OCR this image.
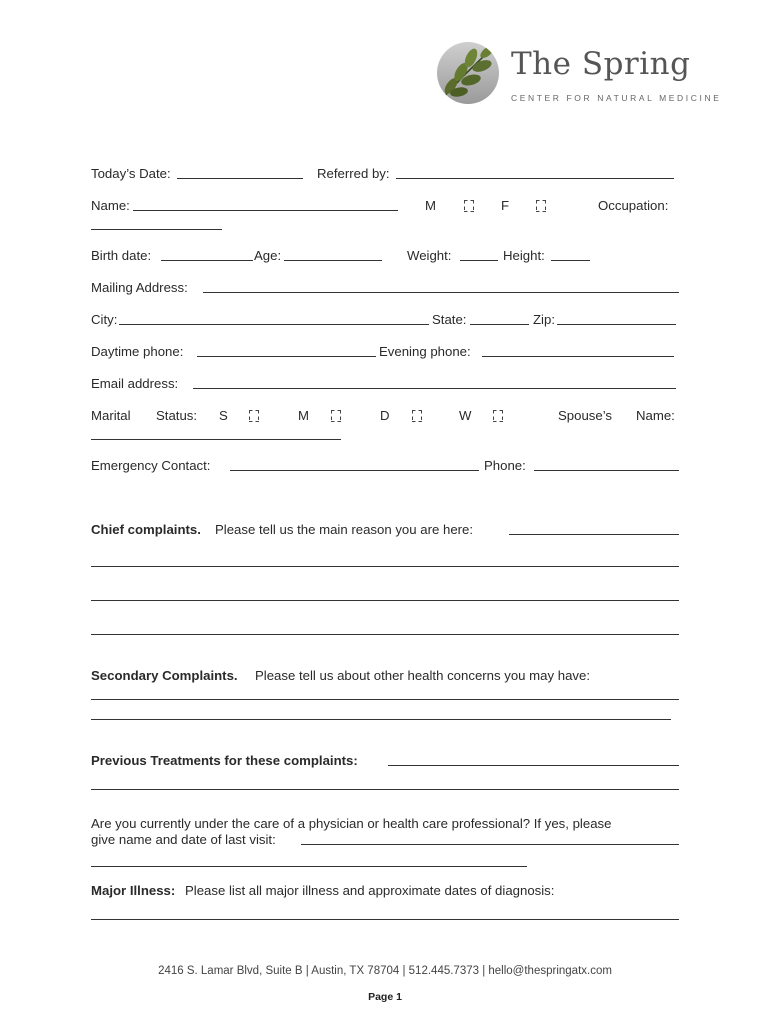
The Spring
CENTER FOR NATURAL MEDICINE
Today’s Date:	Referred by:
Name:	M	F	Occupation:
Birth date:	Age:	Weight:	Height:
Mailing Address:
City:	State:	Zip:
Daytime phone:	Evening phone:
Email address:
Marital Status: S	M	D	W	Spouse’s Name:
Emergency Contact:	Phone:
Chief complaints. Please tell us the main reason you are here:
Secondary Complaints. Please tell us about other health concerns you may have:
Previous Treatments for these complaints:
Are you currently under the care of a physician or health care professional? If yes, please
give name and date of last visit:
Major Illness: Please list all major illness and approximate dates of diagnosis:
2416 S. Lamar Blvd, Suite B | Austin, TX 78704 | 512.445.7373 | hello@thespringatx.com
Page 1
